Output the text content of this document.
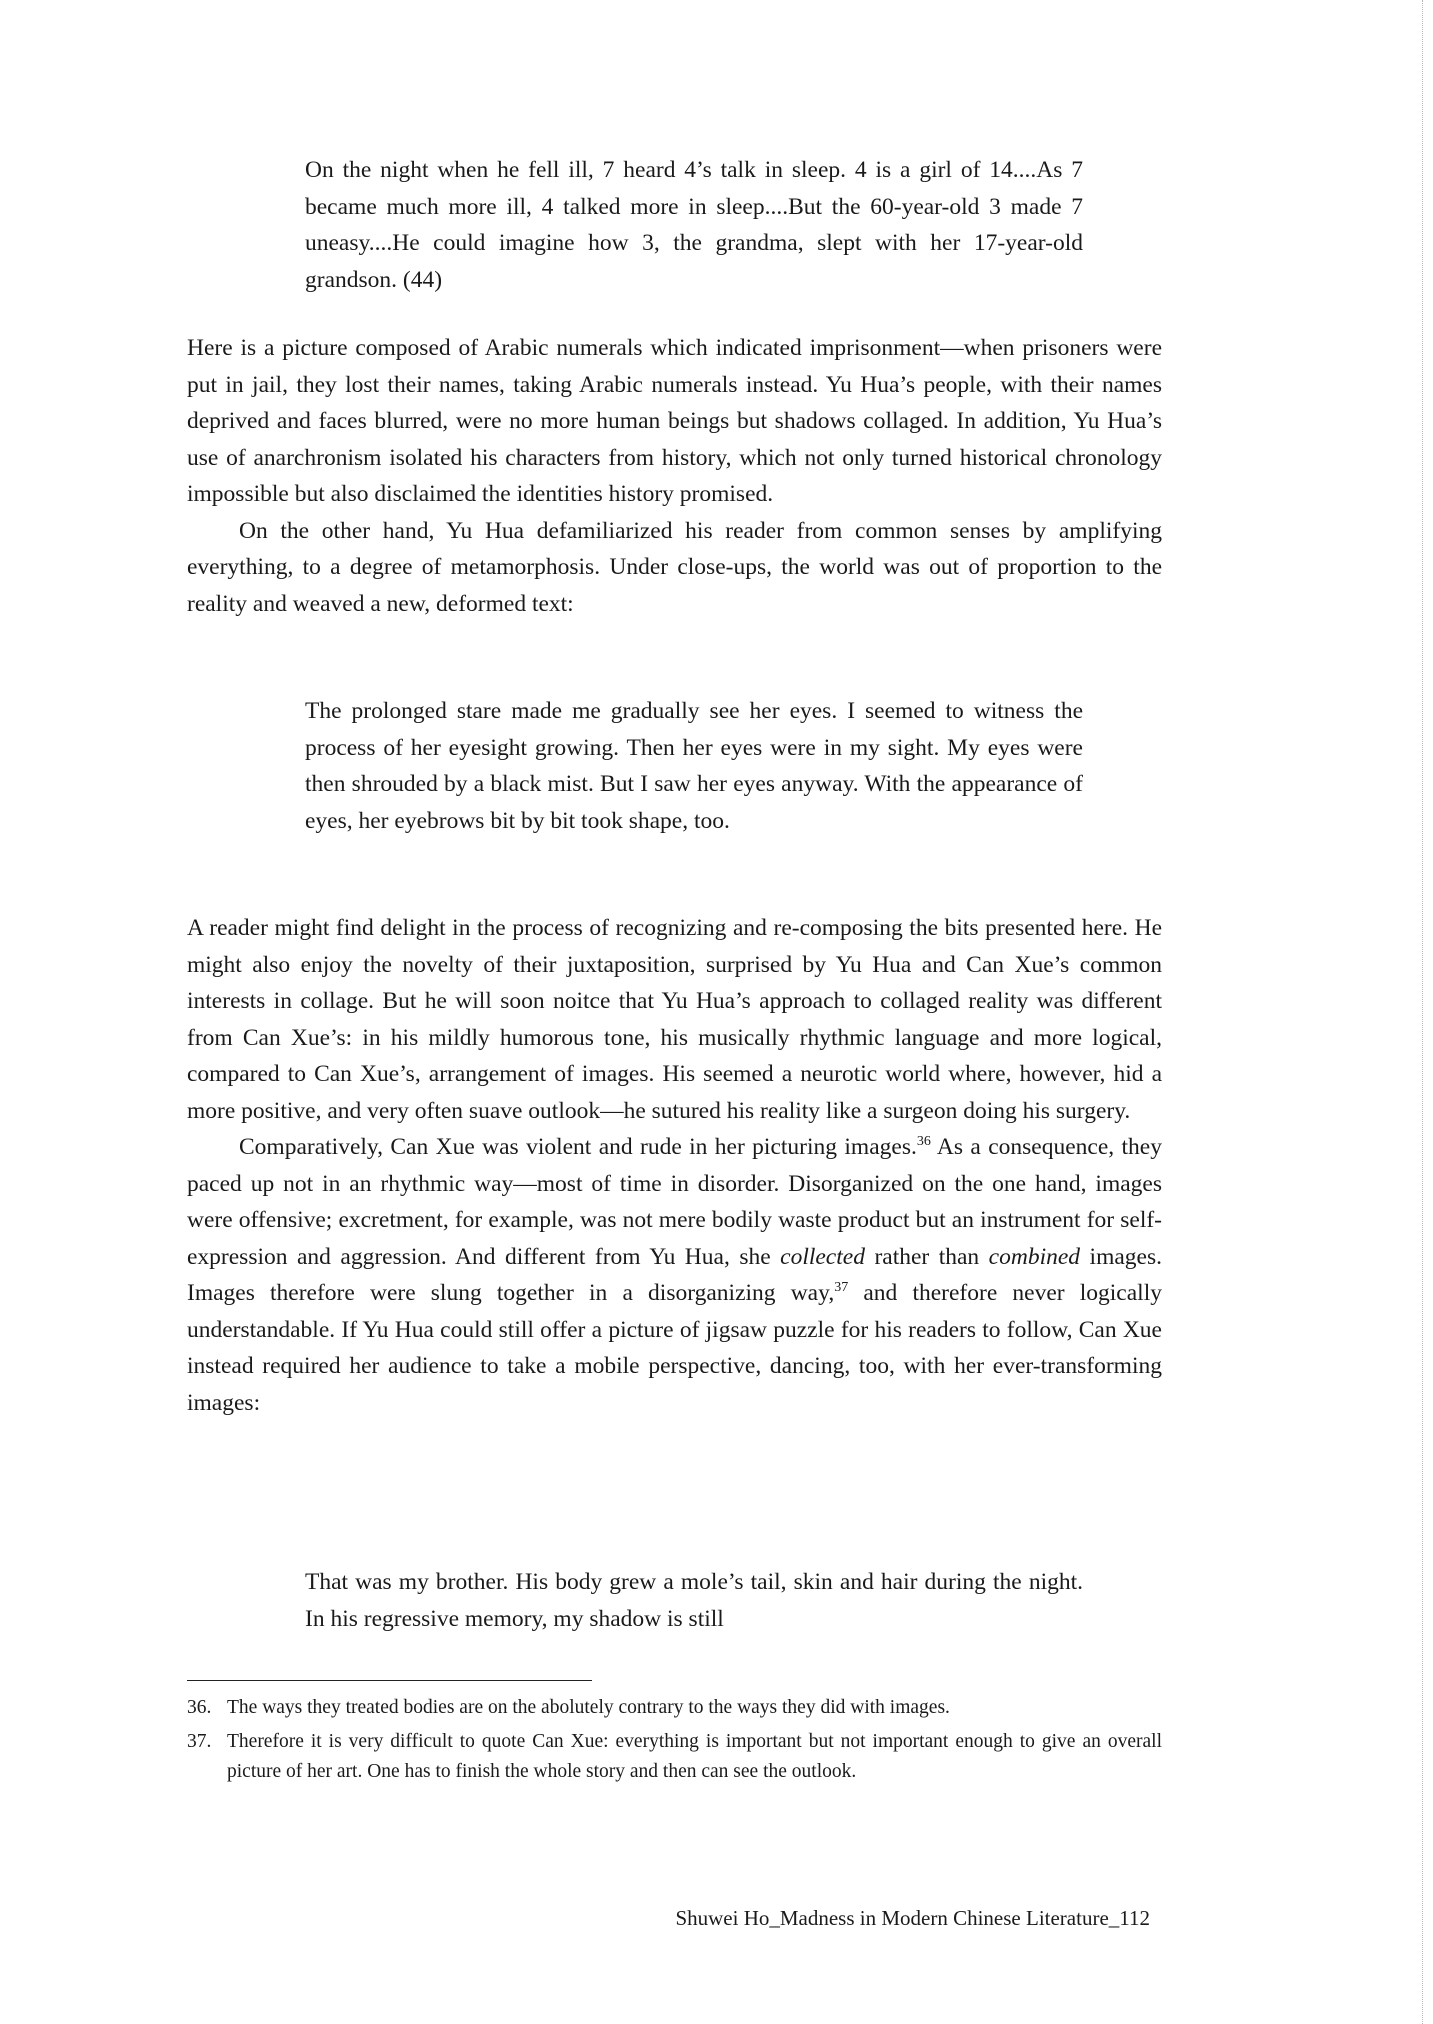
On the night when he fell ill, 7 heard 4’s talk in sleep. 4 is a girl of 14....As 7 became much more ill, 4 talked more in sleep....But the 60-year-old 3 made 7 uneasy....He could imagine how 3, the grandma, slept with her 17-year-old grandson. (44)

Here is a picture composed of Arabic numerals which indicated imprisonment—when prisoners were put in jail, they lost their names, taking Arabic numerals instead. Yu Hua’s people, with their names deprived and faces blurred, were no more human beings but shadows collaged. In addition, Yu Hua’s use of anarchronism isolated his characters from history, which not only turned historical chronology impossible but also disclaimed the identities history promised.

On the other hand, Yu Hua defamiliarized his reader from common senses by amplifying everything, to a degree of metamorphosis. Under close-ups, the world was out of proportion to the reality and weaved a new, deformed text:

The prolonged stare made me gradually see her eyes. I seemed to witness the process of her eyesight growing. Then her eyes were in my sight. My eyes were then shrouded by a black mist. But I saw her eyes anyway. With the appearance of eyes, her eyebrows bit by bit took shape, too.

A reader might find delight in the process of recognizing and re-composing the bits presented here. He might also enjoy the novelty of their juxtaposition, surprised by Yu Hua and Can Xue’s common interests in collage. But he will soon noitce that Yu Hua’s approach to collaged reality was different from Can Xue’s: in his mildly humorous tone, his musically rhythmic language and more logical, compared to Can Xue’s, arrangement of images. His seemed a neurotic world where, however, hid a more positive, and very often suave outlook—he sutured his reality like a surgeon doing his surgery.

Comparatively, Can Xue was violent and rude in her picturing images.$^{36}$ As a consequence, they paced up not in an rhythmic way—most of time in disorder. Disorganized on the one hand, images were offensive; excretment, for example, was not mere bodily waste product but an instrument for self-expression and aggression. And different from Yu Hua, she collected rather than combined images. Images therefore were slung together in a disorganizing way,$^{37}$ and therefore never logically understandable. If Yu Hua could still offer a picture of jigsaw puzzle for his readers to follow, Can Xue instead required her audience to take a mobile perspective, dancing, too, with her ever-transforming images:

That was my brother. His body grew a mole’s tail, skin and hair during the night. In his regressive memory, my shadow is still

36. The ways they treated bodies are on the abolutely contrary to the ways they did with images.
37. Therefore it is very difficult to quote Can Xue: everything is important but not important enough to give an overall picture of her art. One has to finish the whole story and then can see the outlook.
Shuwei Ho_Madness in Modern Chinese Literature_112
